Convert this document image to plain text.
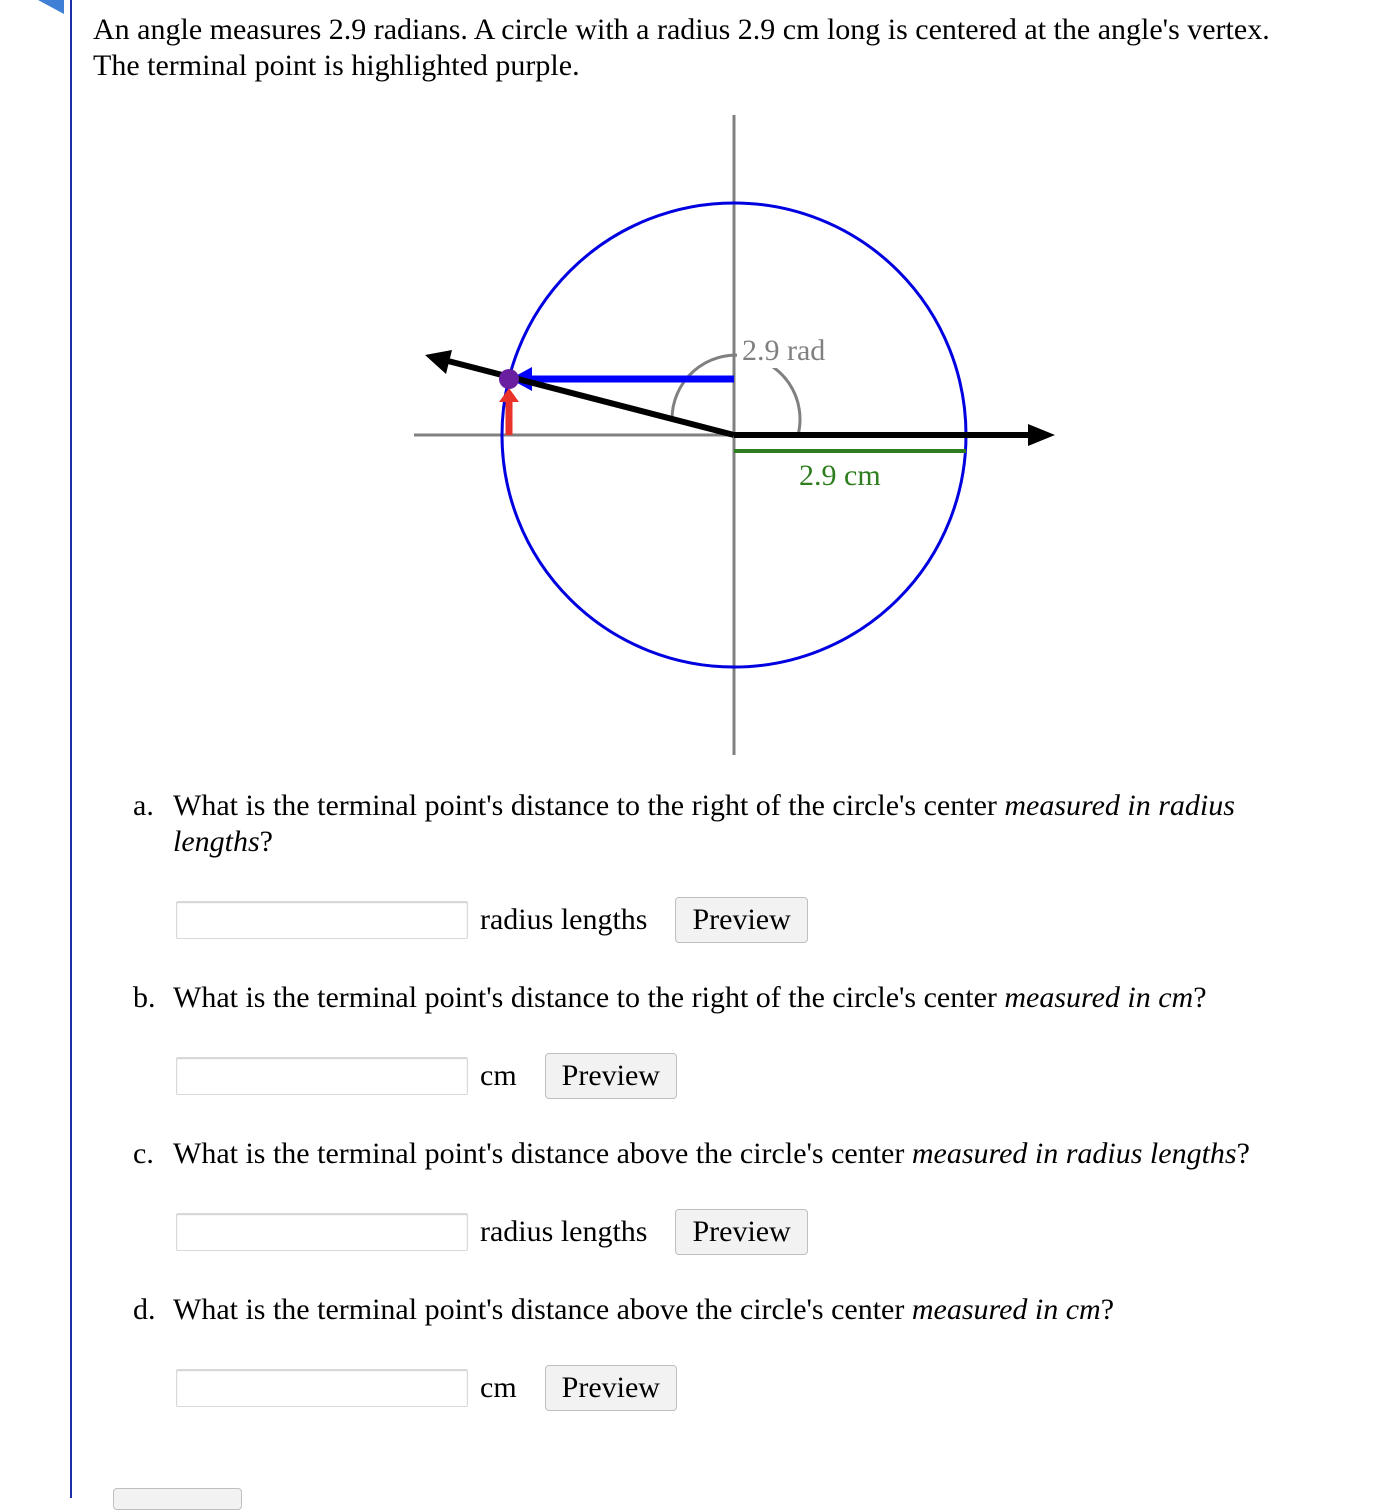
An angle measures 2.9 radians. A circle with a radius 2.9 cm long is centered at the angle's vertex.
The terminal point is highlighted purple.
2.9 rad
2.9 cm
a. What is the terminal point's distance to the right of the circle's center measured in radius lengths?
radius lengths	Preview
b. What is the terminal point's distance to the right of the circle's center measured in cm?
cm	Preview
c. What is the terminal point's distance above the circle's center measured in radius lengths?
radius lengths	Preview
d. What is the terminal point's distance above the circle's center measured in cm?
cm	Preview
